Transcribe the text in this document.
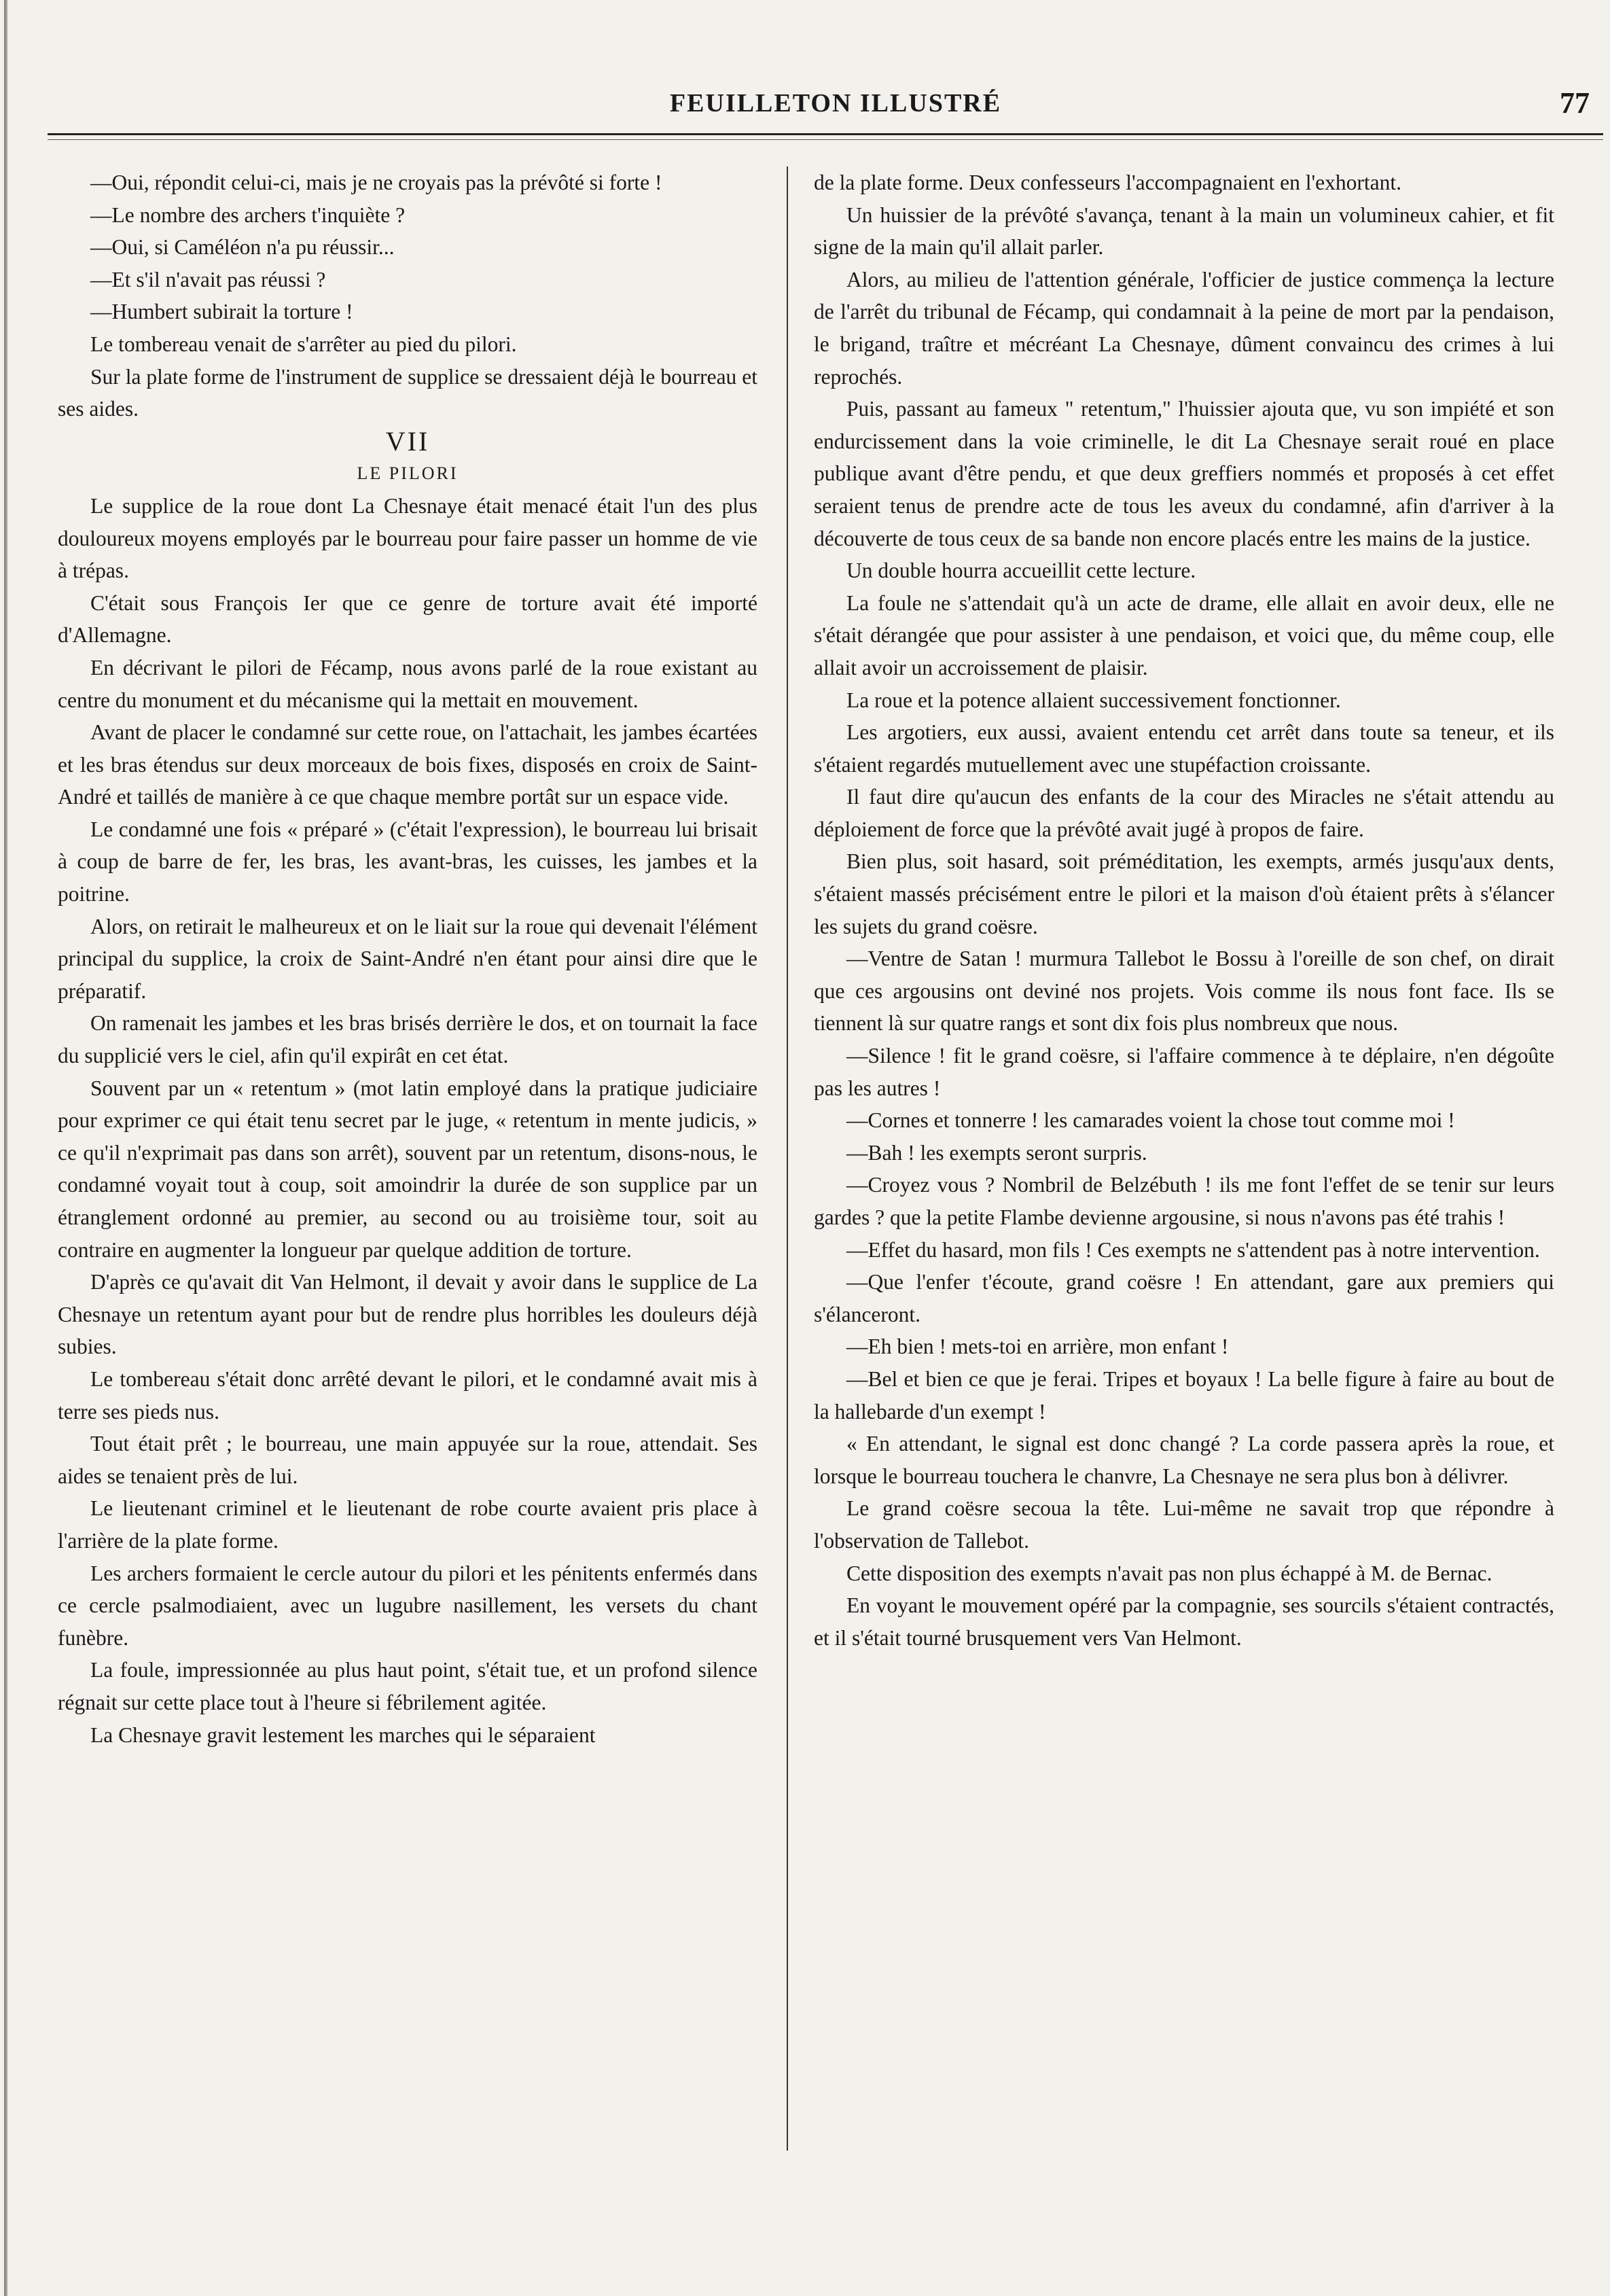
FEUILLETON ILLUSTRÉ	77

—Oui, répondit celui-ci, mais je ne croyais pas la prévôté si forte !

—Le nombre des archers t'inquiète ?

—Oui, si Caméléon n'a pu réussir...

—Et s'il n'avait pas réussi ?

—Humbert subirait la torture !

Le tombereau venait de s'arrêter au pied du pilori.

Sur la plate forme de l'instrument de supplice se dressaient déjà le bourreau et ses aides.

VII

LE PILORI

Le supplice de la roue dont La Chesnaye était menacé était l'un des plus douloureux moyens employés par le bourreau pour faire passer un homme de vie à trépas.

C'était sous François Ier que ce genre de torture avait été importé d'Allemagne.

En décrivant le pilori de Fécamp, nous avons parlé de la roue existant au centre du monument et du mécanisme qui la mettait en mouvement.

Avant de placer le condamné sur cette roue, on l'attachait, les jambes écartées et les bras étendus sur deux morceaux de bois fixes, disposés en croix de Saint-André et taillés de manière à ce que chaque membre portât sur un espace vide.

Le condamné une fois « préparé » (c'était l'expression), le bourreau lui brisait à coup de barre de fer, les bras, les avant-bras, les cuisses, les jambes et la poitrine.

Alors, on retirait le malheureux et on le liait sur la roue qui devenait l'élément principal du supplice, la croix de Saint-André n'en étant pour ainsi dire que le préparatif.

On ramenait les jambes et les bras brisés derrière le dos, et on tournait la face du supplicié vers le ciel, afin qu'il expirât en cet état.

Souvent par un « retentum » (mot latin employé dans la pratique judiciaire pour exprimer ce qui était tenu secret par le juge, « retentum in mente judicis, » ce qu'il n'exprimait pas dans son arrêt), souvent par un retentum, disons-nous, le condamné voyait tout à coup, soit amoindrir la durée de son supplice par un étranglement ordonné au premier, au second ou au troisième tour, soit au contraire en augmenter la longueur par quelque addition de torture.

D'après ce qu'avait dit Van Helmont, il devait y avoir dans le supplice de La Chesnaye un retentum ayant pour but de rendre plus horribles les douleurs déjà subies.

Le tombereau s'était donc arrêté devant le pilori, et le condamné avait mis à terre ses pieds nus.

Tout était prêt ; le bourreau, une main appuyée sur la roue, attendait. Ses aides se tenaient près de lui.

Le lieutenant criminel et le lieutenant de robe courte avaient pris place à l'arrière de la plate forme.

Les archers formaient le cercle autour du pilori et les pénitents enfermés dans ce cercle psalmodiaient, avec un lugubre nasillement, les versets du chant funèbre.

La foule, impressionnée au plus haut point, s'était tue, et un profond silence régnait sur cette place tout à l'heure si fébrilement agitée.

La Chesnaye gravit lestement les marches qui le séparaient

de la plate forme. Deux confesseurs l'accompagnaient en l'exhortant.

Un huissier de la prévôté s'avança, tenant à la main un volumineux cahier, et fit signe de la main qu'il allait parler.

Alors, au milieu de l'attention générale, l'officier de justice commença la lecture de l'arrêt du tribunal de Fécamp, qui condamnait à la peine de mort par la pendaison, le brigand, traître et mécréant La Chesnaye, dûment convaincu des crimes à lui reprochés.

Puis, passant au fameux " retentum," l'huissier ajouta que, vu son impiété et son endurcissement dans la voie criminelle, le dit La Chesnaye serait roué en place publique avant d'être pendu, et que deux greffiers nommés et proposés à cet effet seraient tenus de prendre acte de tous les aveux du condamné, afin d'arriver à la découverte de tous ceux de sa bande non encore placés entre les mains de la justice.

Un double hourra accueillit cette lecture.

La foule ne s'attendait qu'à un acte de drame, elle allait en avoir deux, elle ne s'était dérangée que pour assister à une pendaison, et voici que, du même coup, elle allait avoir un accroissement de plaisir.

La roue et la potence allaient successivement fonctionner.

Les argotiers, eux aussi, avaient entendu cet arrêt dans toute sa teneur, et ils s'étaient regardés mutuellement avec une stupéfaction croissante.

Il faut dire qu'aucun des enfants de la cour des Miracles ne s'était attendu au déploiement de force que la prévôté avait jugé à propos de faire.

Bien plus, soit hasard, soit préméditation, les exempts, armés jusqu'aux dents, s'étaient massés précisément entre le pilori et la maison d'où étaient prêts à s'élancer les sujets du grand coësre.

—Ventre de Satan ! murmura Tallebot le Bossu à l'oreille de son chef, on dirait que ces argousins ont deviné nos projets. Vois comme ils nous font face. Ils se tiennent là sur quatre rangs et sont dix fois plus nombreux que nous.

—Silence ! fit le grand coësre, si l'affaire commence à te déplaire, n'en dégoûte pas les autres !

—Cornes et tonnerre ! les camarades voient la chose tout comme moi !

—Bah ! les exempts seront surpris.

—Croyez vous ? Nombril de Belzébuth ! ils me font l'effet de se tenir sur leurs gardes ? que la petite Flambe devienne argousine, si nous n'avons pas été trahis !

—Effet du hasard, mon fils ! Ces exempts ne s'attendent pas à notre intervention.

—Que l'enfer t'écoute, grand coësre ! En attendant, gare aux premiers qui s'élanceront.

—Eh bien ! mets-toi en arrière, mon enfant !

—Bel et bien ce que je ferai. Tripes et boyaux ! La belle figure à faire au bout de la hallebarde d'un exempt !

« En attendant, le signal est donc changé ? La corde passera après la roue, et lorsque le bourreau touchera le chanvre, La Chesnaye ne sera plus bon à délivrer.

Le grand coësre secoua la tête. Lui-même ne savait trop que répondre à l'observation de Tallebot.

Cette disposition des exempts n'avait pas non plus échappé à M. de Bernac.

En voyant le mouvement opéré par la compagnie, ses sourcils s'étaient contractés, et il s'était tourné brusquement vers Van Helmont.
